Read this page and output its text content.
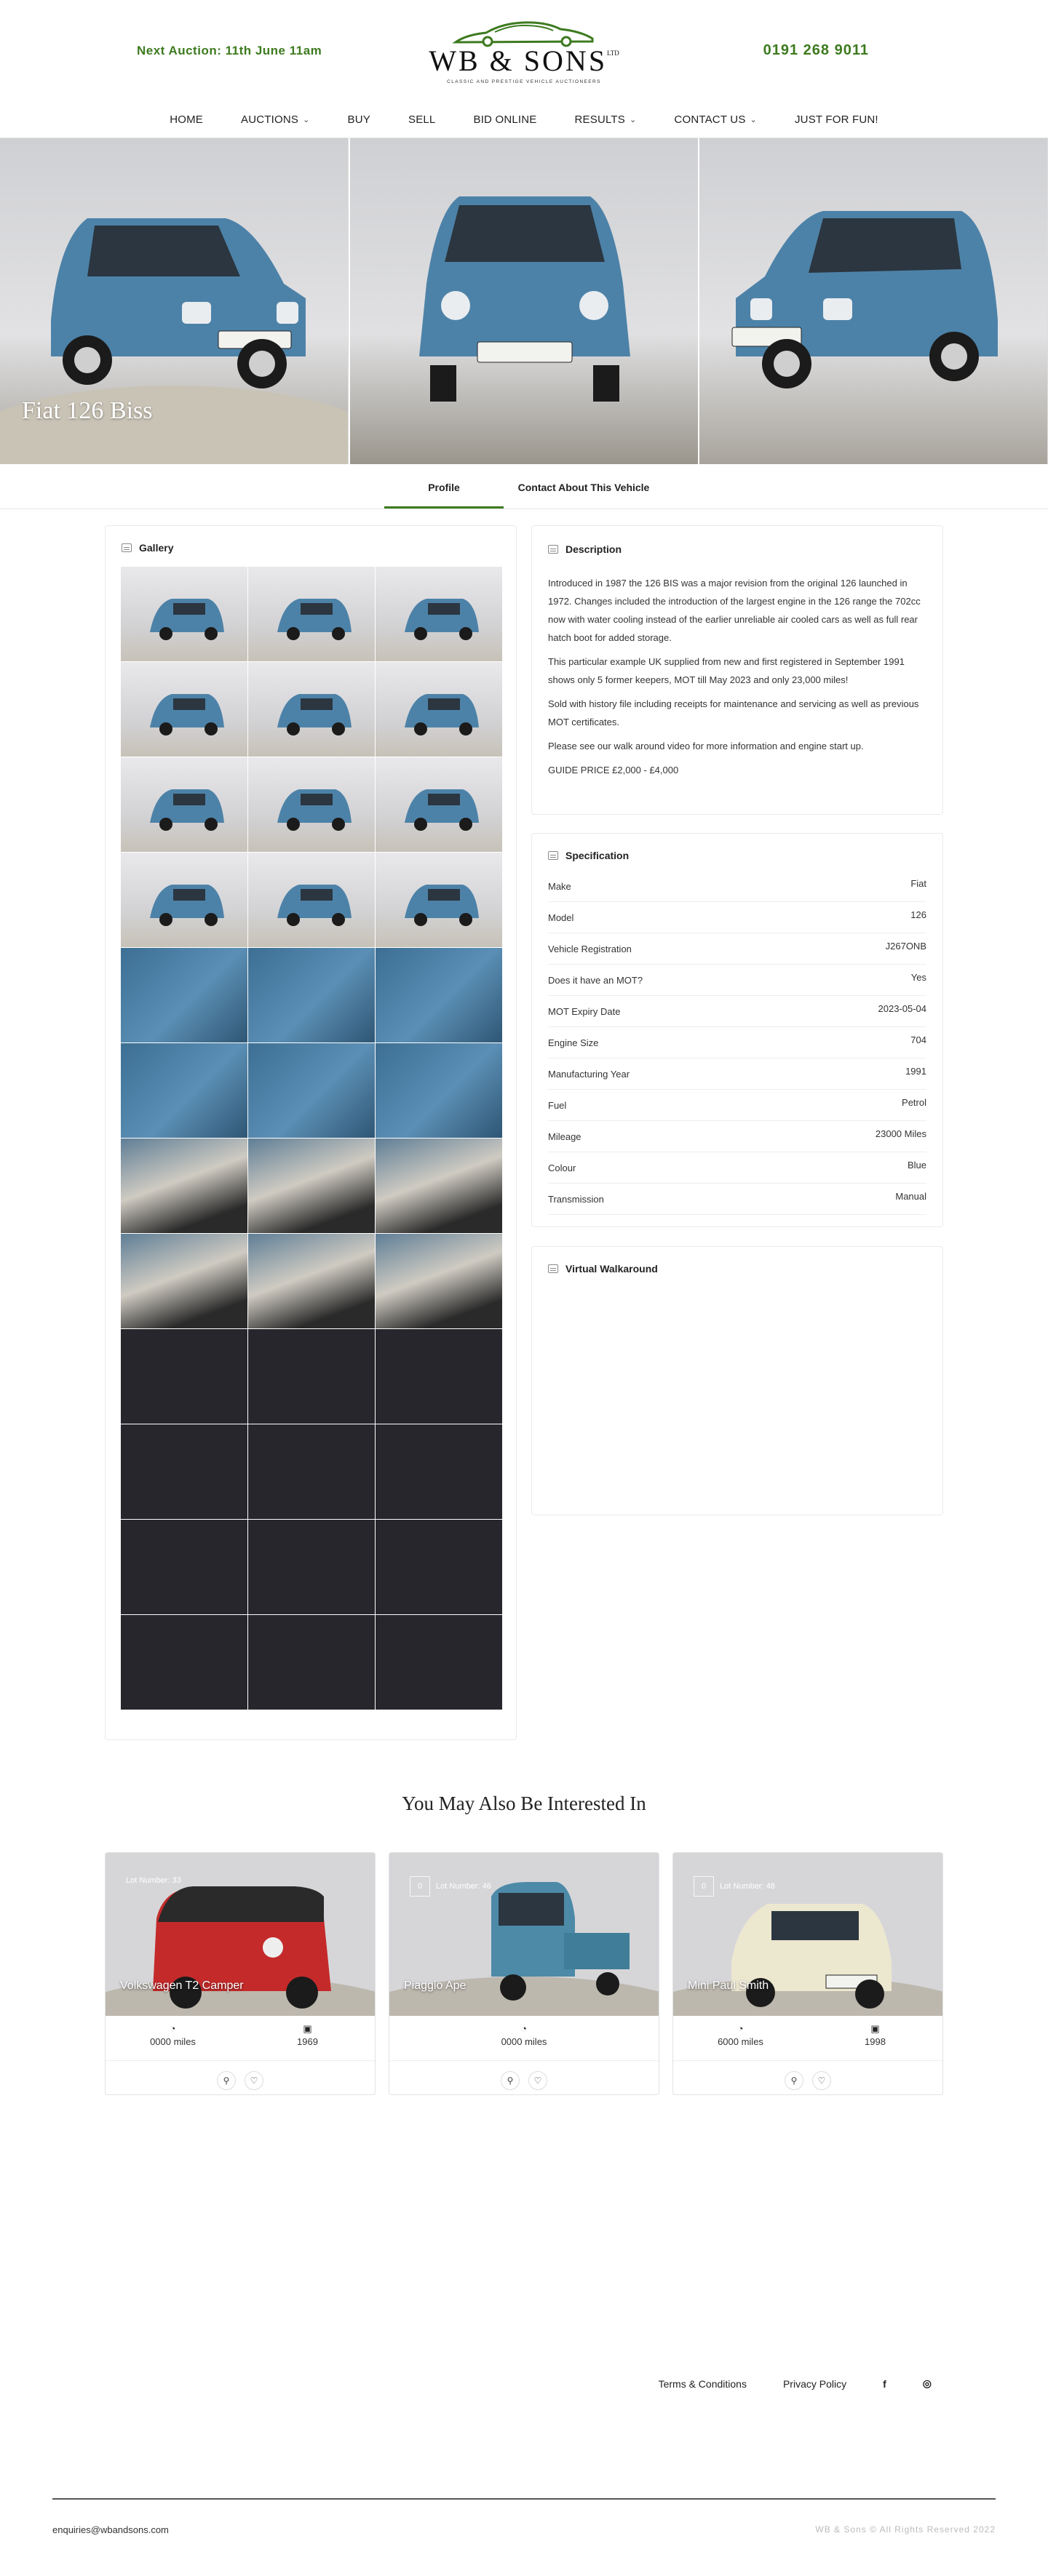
Next Auction: 11th June 11am	WB & $SONS^{LTD}$
CLASSIC AND PRESTIGE VEHICLE AUCTIONEERS
0191 268 9011
HOME	AUCTIONS ⌄	BUY	SELL	BID ONLINE	RESULTS ⌄	CONTACT US ⌄	JUST FOR FUN!
Fiat 126 Biss
Profile	Contact About This Vehicle
Gallery	Description

Introduced in 1987 the 126 BIS was a major revision from the original 126 launched in 1972. Changes included the introduction of the largest engine in the 126 range the 702cc now with water cooling instead of the earlier unreliable air cooled cars as well as full rear hatch boot for added storage.

This particular example UK supplied from new and first registered in September 1991 shows only 5 former keepers, MOT till May 2023 and only 23,000 miles!

Sold with history file including receipts for maintenance and servicing as well as previous MOT certificates.

Please see our walk around video for more information and engine start up.

GUIDE PRICE £2,000 - £4,000

Specification
Make	Fiat
Model	126
Vehicle Registration	J267ONB
Does it have an MOT?	Yes
MOT Expiry Date	2023-05-04
Engine Size	704
Manufacturing Year	1991
Fuel	Petrol
Mileage	23000 Miles
Colour	Blue
Transmission	Manual
Virtual Walkaround
You May Also Be Interested In
Lot Number: 33
Volkswagen T2 Camper
◔
0000 miles
▣
1969
⚲	♡
0	Lot Number: 46
Piaggio Ape
◔
0000 miles
⚲	♡
0	Lot Number: 48
Mini Paul Smith
◔
6000 miles
▣
1998
⚲	♡
Terms & Conditions	Privacy Policy	f	◎
enquiries@wbandsons.com	WB & Sons © All Rights Reserved 2022
